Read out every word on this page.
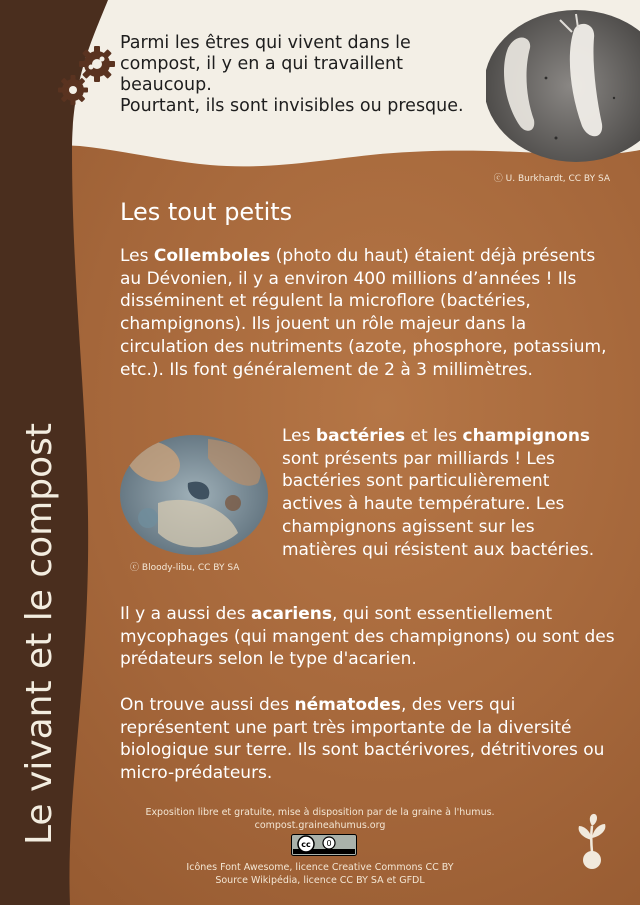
Le vivant et le compost
Parmi les êtres qui vivent dans le
compost, il y en a qui travaillent
beaucoup.
Pourtant, ils sont invisibles ou presque.
ⓒ U. Burkhardt, CC BY SA
Les tout petits

Les Collemboles (photo du haut) étaient déjà présents au Dévonien, il y a environ 400 millions d’années ! Ils disséminent et régulent la microflore (bactéries, champignons). Ils jouent un rôle majeur dans la circulation des nutriments (azote, phosphore, potassium, etc.). Ils font généralement de 2 à 3 millimètres.

ⓒ Bloody-libu, CC BY SA

Les bactéries et les champignons sont présents par milliards ! Les bactéries sont particulièrement actives à haute température. Les champignons agissent sur les matières qui résistent aux bactéries.

Il y a aussi des acariens, qui sont essentiellement mycophages (qui mangent des champignons) ou sont des prédateurs selon le type d'acarien.

On trouve aussi des nématodes, des vers qui représentent une part très importante de la diversité biologique sur terre. Ils sont bactérivores, détritivores ou micro-prédateurs.

Exposition libre et gratuite, mise à disposition par de la graine à l'humus.
compost.graineahumus.org
cc 0
Icônes Font Awesome, licence Creative Commons CC BY
Source Wikipédia, licence CC BY SA et GFDL
